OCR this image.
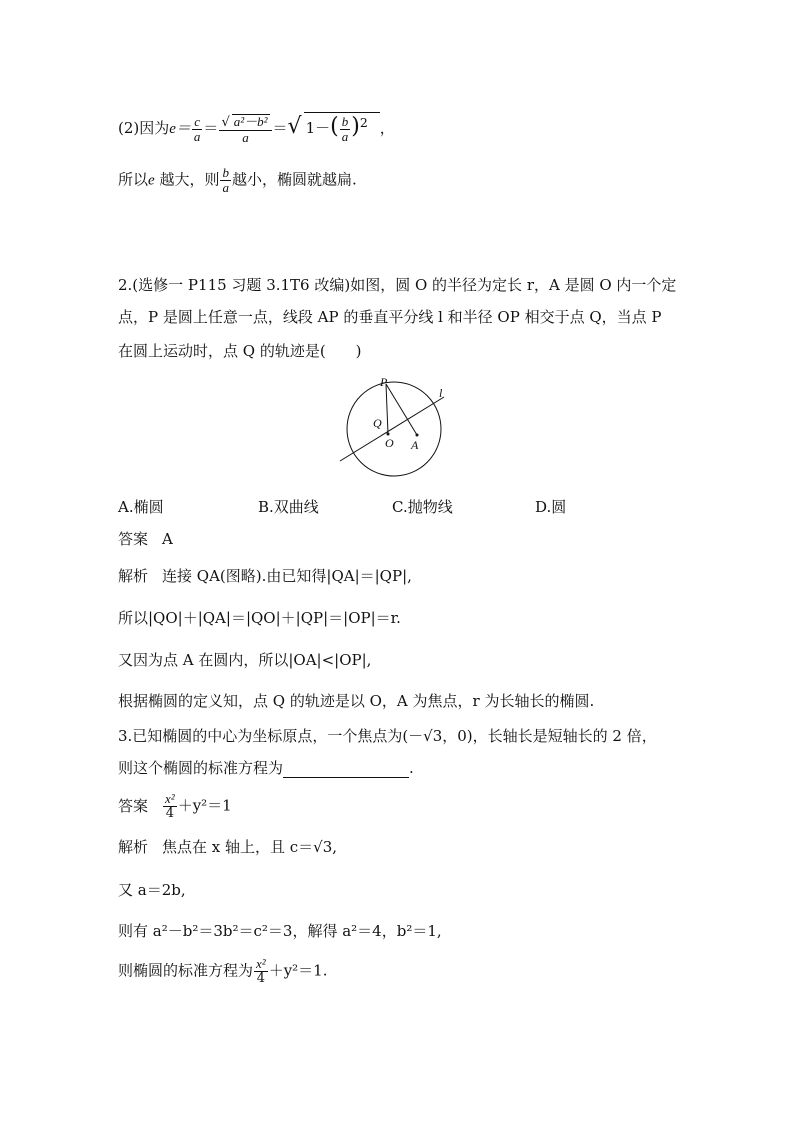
(2)因为$e= \frac{c}{a} = \frac{\text{√ a²－b²}}{a}$ ＝√ $1-( \frac{b}{a} )^2$ ，
所以e 越大，则 $\frac{b}{a}$ 越小，椭圆就越扁.
2.(选修一 P115 习题 3.1T6 改编)如图，圆 O 的半径为定长 r，A 是圆 O 内一个定
点，P 是圆上任意一点，线段 AP 的垂直平分线 l 和半径 OP 相交于点 Q，当点 P
在圆上运动时，点 Q 的轨迹是(　　)
P
Q
O A
l
A.椭圆	B.双曲线	C.抛物线	D.圆
答案 A
解析 连接 QA(图略).由已知得|QA|＝|QP|,
所以|QO|＋|QA|＝|QO|＋|QP|＝|OP|＝r.
又因为点 A 在圆内，所以|OA|<|OP|,
根据椭圆的定义知，点 Q 的轨迹是以 O，A 为焦点，r 为长轴长的椭圆.
3.已知椭圆的中心为坐标原点，一个焦点为(－√3，0)，长轴长是短轴长的 2 倍，
则这个椭圆的标准方程为	.
答案 $\frac{\text{x²}}{4} +y^2=1$
解析 焦点在 x 轴上，且 c＝√3,
又 a＝2b,
则有 a²－b²＝3b²＝c²＝3，解得 a²＝4，b²＝1,
则椭圆的标准方程为 $\frac{\text{x²}}{4} +y^2=1$.
